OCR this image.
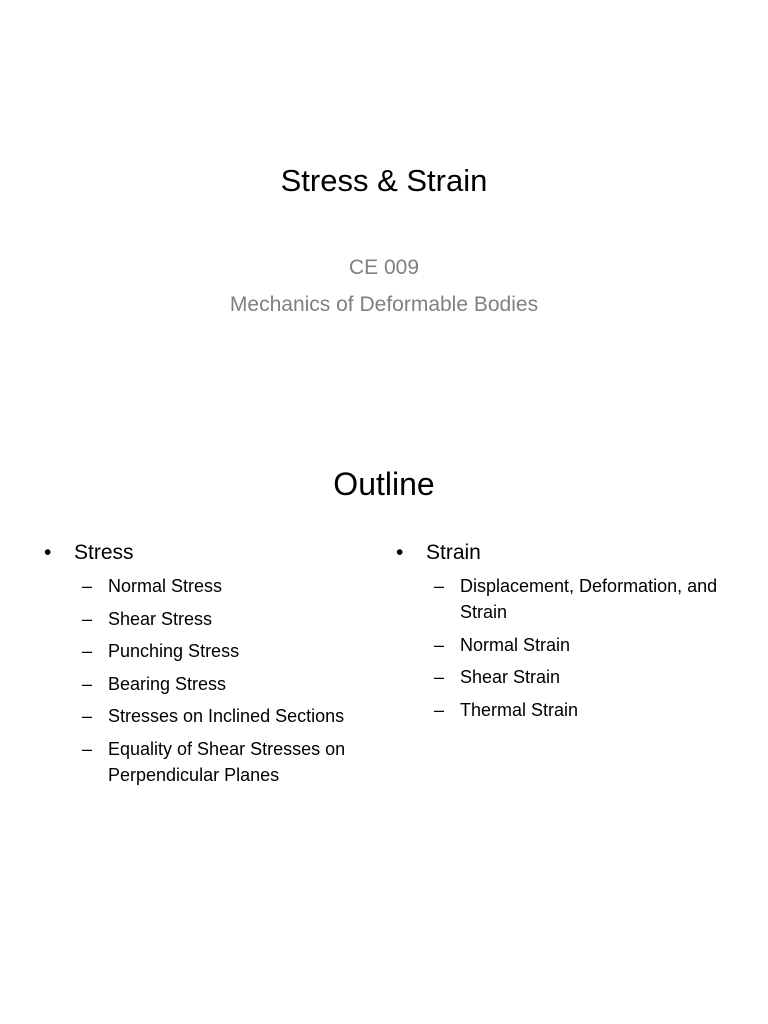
Stress & Strain
CE 009
Mechanics of Deformable Bodies
Outline
• Stress
– Normal Stress
– Shear Stress
– Punching Stress
– Bearing Stress
– Stresses on Inclined Sections
– Equality of Shear Stresses on Perpendicular Planes
• Strain
– Displacement, Deformation, and Strain
– Normal Strain
– Shear Strain
– Thermal Strain
